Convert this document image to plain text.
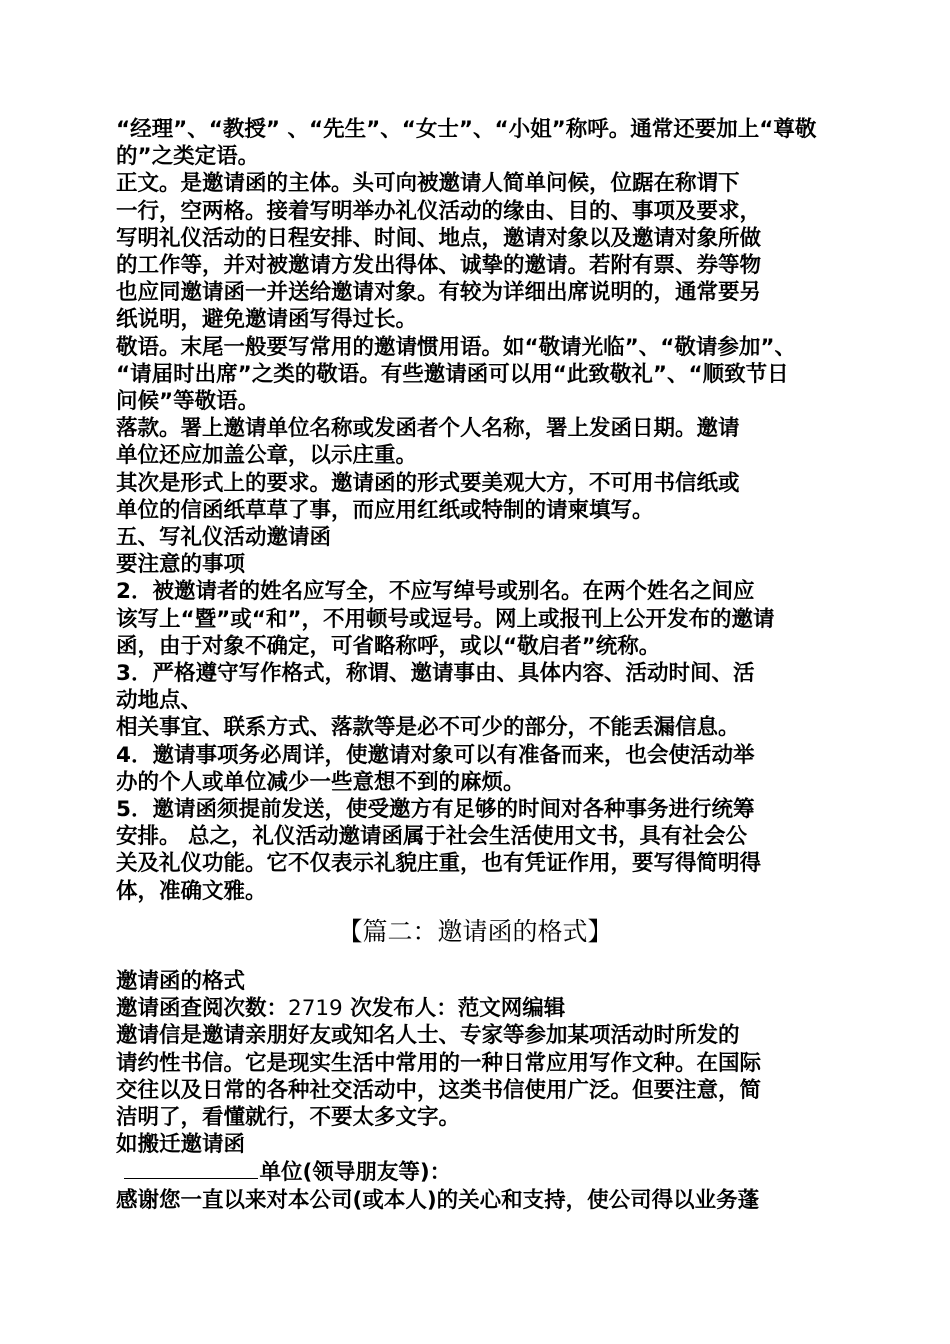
“经理”、“教授” 、“先生”、“女士”、“小姐”称呼。通常还要加上“尊敬

的”之类定语。

正文。是邀请函的主体。头可向被邀请人简单问候，位踞在称谓下

一行，空两格。接着写明举办礼仪活动的缘由、目的、事项及要求，

写明礼仪活动的日程安排、时间、地点，邀请对象以及邀请对象所做

的工作等，并对被邀请方发出得体、诚挚的邀请。若附有票、券等物

也应同邀请函一并送给邀请对象。有较为详细出席说明的，通常要另

纸说明，避免邀请函写得过长。

敬语。末尾一般要写常用的邀请惯用语。如“敬请光临”、“敬请参加”、

“请届时出席”之类的敬语。有些邀请函可以用“此致敬礼”、“顺致节日

问候”等敬语。

落款。署上邀请单位名称或发函者个人名称，署上发函日期。邀请

单位还应加盖公章，以示庄重。

其次是形式上的要求。邀请函的形式要美观大方，不可用书信纸或

单位的信函纸草草了事，而应用红纸或特制的请柬填写。

五、写礼仪活动邀请函

要注意的事项

2．被邀请者的姓名应写全，不应写绰号或别名。在两个姓名之间应

该写上“暨”或“和”，不用顿号或逗号。网上或报刊上公开发布的邀请

函，由于对象不确定，可省略称呼，或以“敬启者”统称。

3．严格遵守写作格式，称谓、邀请事由、具体内容、活动时间、活

动地点、

相关事宜、联系方式、落款等是必不可少的部分，不能丢漏信息。

4．邀请事项务必周详，使邀请对象可以有准备而来，也会使活动举

办的个人或单位减少一些意想不到的麻烦。

5．邀请函须提前发送，使受邀方有足够的时间对各种事务进行统筹

安排。 总之，礼仪活动邀请函属于社会生活使用文书，具有社会公

关及礼仪功能。它不仅表示礼貌庄重，也有凭证作用，要写得简明得

体，准确文雅。

【篇二：邀请函的格式】

邀请函的格式

邀请函查阅次数：2719 次发布人：范文网编辑

邀请信是邀请亲朋好友或知名人士、专家等参加某项活动时所发的

请约性书信。它是现实生活中常用的一种日常应用写作文种。在国际

交往以及日常的各种社交活动中，这类书信使用广泛。但要注意，简

洁明了，看懂就行，不要太多文字。

如搬迁邀请函

单位(领导朋友等)：

感谢您一直以来对本公司(或本人)的关心和支持，使公司得以业务蓬
